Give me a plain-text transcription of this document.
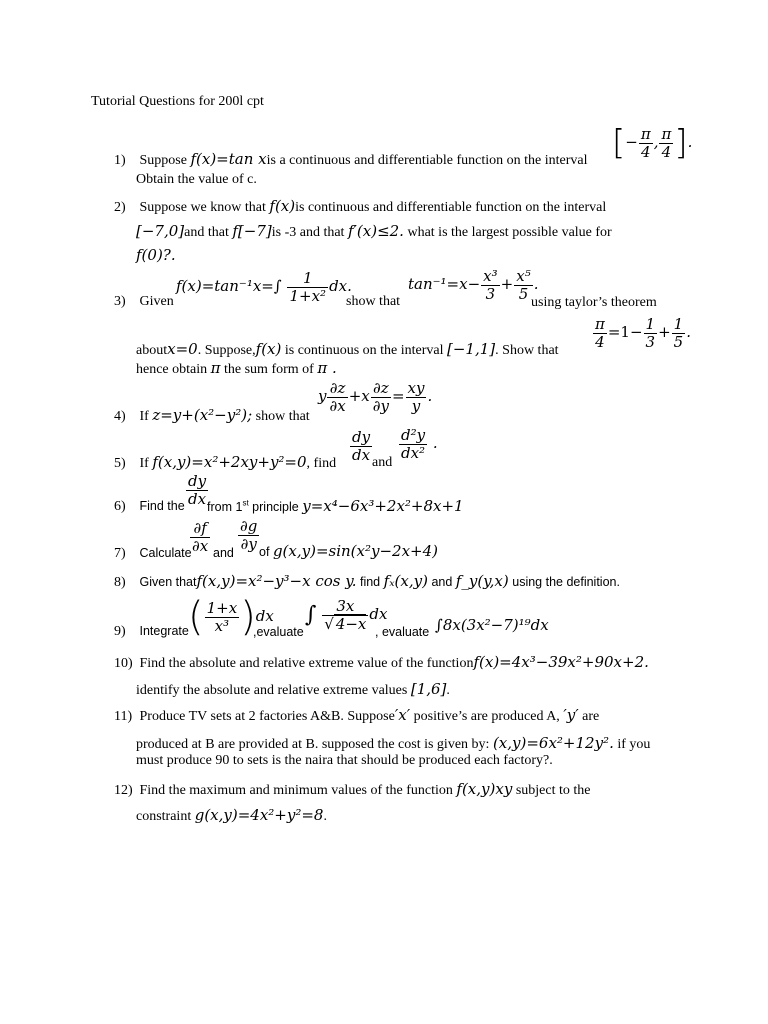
Tutorial Questions for 200l cpt
1) Suppose f(x)=tan xis a continuous and differentiable function on the interval [− $\frac{\pi}{4}$ , $\frac{\pi}{4}$ ].
Obtain the value of c.
2) Suppose we know that f(x)is continuous and differentiable function on the interval
[−7,0]and that f[−7]is -3 and that f′(x)≤2. what is the largest possible value for
f(0)?.
3) Given
$f(x)=\tan^{-1}x=\int \frac{1}{\text{1+x²}}$ dx.
show that
$\tan^{-1}=x- \frac{\text{x³}}{3} + \frac{\text{x⁵}}{5}$ .
using taylor’s theorem
aboutx=0. Suppose,f(x) is continuous on the interval [−1,1]. Show that
$\frac{\pi}{4} =1- \frac{1}{3} + \frac{1}{5}$ .
hence obtain π the sum form of π .
4) If z=y+(x²−y²); show that
y $\frac{\partial z}{\partial x} +x \frac{\partial z}{\partial y} = \frac{xy}{y}$ .
5) If f(x,y)=x²+2xy+y²=0, find
$\frac{dy}{dx}$ and
$\frac{\text{d²y}}{\text{dx²}}$ .
6) Find the $\frac{dy}{dx}$
from 1st principle y=x⁴−6x³+2x²+8x+1
7) Calculate
$\frac{\partial f}{\partial x}$ and
$\frac{\partial g}{\partial y}$ of g(x,y)=sin(x²y−2x+4)
8) Given thatf(x,y)=x²−y³−x cos y. find fₓ(x,y) and f_y(y,x) using the definition.
9) Integrate ( $\frac{1+x}{\text{x³}} )dx$
,evaluate
∫ $\frac{3x}{√ 4-x}$ dx
, evaluate ∫8x(3x²−7)¹⁹dx
10) Find the absolute and relative extreme value of the functionf(x)=4x³−39x²+90x+2.
identify the absolute and relative extreme values [1,6].
11) Produce TV sets at 2 factories A&B. Suppose′x′ positive’s are produced A, ′y′ are
produced at B are provided at B. supposed the cost is given by: (x,y)=6x²+12y². if you
must produce 90 to sets is the naira that should be produced each factory?.
12) Find the maximum and minimum values of the function f(x,y)xy subject to the
constraint g(x,y)=4x²+y²=8.
